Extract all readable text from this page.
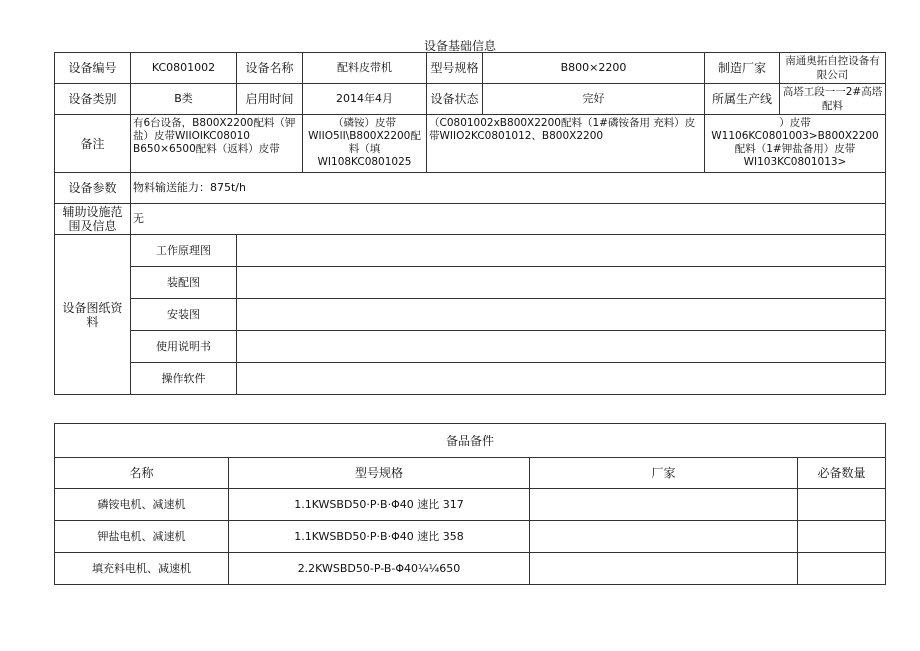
设备基础信息
设备编号	KC0801002	设备名称	配料皮带机	型号规格	B800×2200	制造厂家	南通奥拓自控设备有限公司
设备类别	B类	启用时间	2014年4月	设备状态	完好	所属生产线	高塔工段一一2#高塔配料
备注	有6台设备，B800X2200配料（钾盐）皮带WIIOIKC08010 B650×6500配料（返料）皮带		（磷铵）皮带 WIIO5lI\B800X2200配料（填 WI108KC0801025	（C0801002xB800X2200配料（1#磷铵备用 充料）皮带WIIO2KC0801012、B800X2200		）皮带W1106KC0801003>B800X2200配料（1#钾盐备用）皮带WI103KC0801013>	
设备参数	物料输送能力：875t/h						
辅助设施范围及信息	无						
设备图纸资料	工作原理图						
	装配图						
	安装图						
	使用说明书						
	操作软件						
备品备件			
名称	型号规格	厂家	必备数量
磷铵电机、减速机	1.1KWSBD50·P·B·Φ40 速比 317		
钾盐电机、减速机	1.1KWSBD50·P·B·Φ40 速比 358		
填充料电机、减速机	2.2KWSBD50-P-B-Φ40¼¼650		
